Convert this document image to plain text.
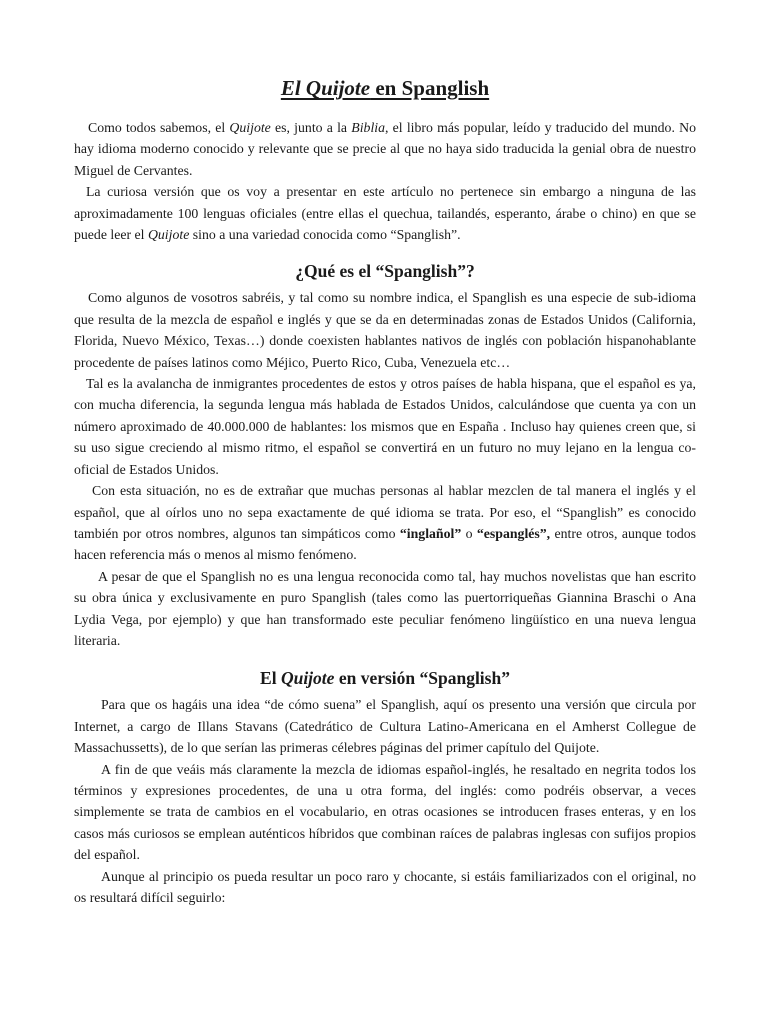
El Quijote en Spanglish

Como todos sabemos, el Quijote es, junto a la Biblia, el libro más popular, leído y traducido del mundo. No hay idioma moderno conocido y relevante que se precie al que no haya sido traducida la genial obra de nuestro Miguel de Cervantes.

La curiosa versión que os voy a presentar en este artículo no pertenece sin embargo a ninguna de las aproximadamente 100 lenguas oficiales (entre ellas el quechua, tailandés, esperanto, árabe o chino) en que se puede leer el Quijote sino a una variedad conocida como “Spanglish”.

¿Qué es el “Spanglish”?

Como algunos de vosotros sabréis, y tal como su nombre indica, el Spanglish es una especie de sub-idioma que resulta de la mezcla de español e inglés y que se da en determinadas zonas de Estados Unidos (California, Florida, Nuevo México, Texas…) donde coexisten hablantes nativos de inglés con población hispanohablante procedente de países latinos como Méjico, Puerto Rico, Cuba, Venezuela etc…

Tal es la avalancha de inmigrantes procedentes de estos y otros países de habla hispana, que el español es ya, con mucha diferencia, la segunda lengua más hablada de Estados Unidos, calculándose que cuenta ya con un número aproximado de 40.000.000 de hablantes: los mismos que en España . Incluso hay quienes creen que, si su uso sigue creciendo al mismo ritmo, el español se convertirá en un futuro no muy lejano en la lengua co-oficial de Estados Unidos.

Con esta situación, no es de extrañar que muchas personas al hablar mezclen de tal manera el inglés y el español, que al oírlos uno no sepa exactamente de qué idioma se trata. Por eso, el “Spanglish” es conocido también por otros nombres, algunos tan simpáticos como “inglañol” o “espanglés”, entre otros, aunque todos hacen referencia más o menos al mismo fenómeno.

A pesar de que el Spanglish no es una lengua reconocida como tal, hay muchos novelistas que han escrito su obra única y exclusivamente en puro Spanglish (tales como las puertorriqueñas Giannina Braschi o Ana Lydia Vega, por ejemplo) y que han transformado este peculiar fenómeno lingüístico en una nueva lengua literaria.

El Quijote en versión “Spanglish”

Para que os hagáis una idea “de cómo suena” el Spanglish, aquí os presento una versión que circula por Internet, a cargo de Illans Stavans (Catedrático de Cultura Latino-Americana en el Amherst Collegue de Massachussetts), de lo que serían las primeras célebres páginas del primer capítulo del Quijote.

A fin de que veáis más claramente la mezcla de idiomas español-inglés, he resaltado en negrita todos los términos y expresiones procedentes, de una u otra forma, del inglés: como podréis observar, a veces simplemente se trata de cambios en el vocabulario, en otras ocasiones se introducen frases enteras, y en los casos más curiosos se emplean auténticos híbridos que combinan raíces de palabras inglesas con sufijos propios del español.

Aunque al principio os pueda resultar un poco raro y chocante, si estáis familiarizados con el original, no os resultará difícil seguirlo:
